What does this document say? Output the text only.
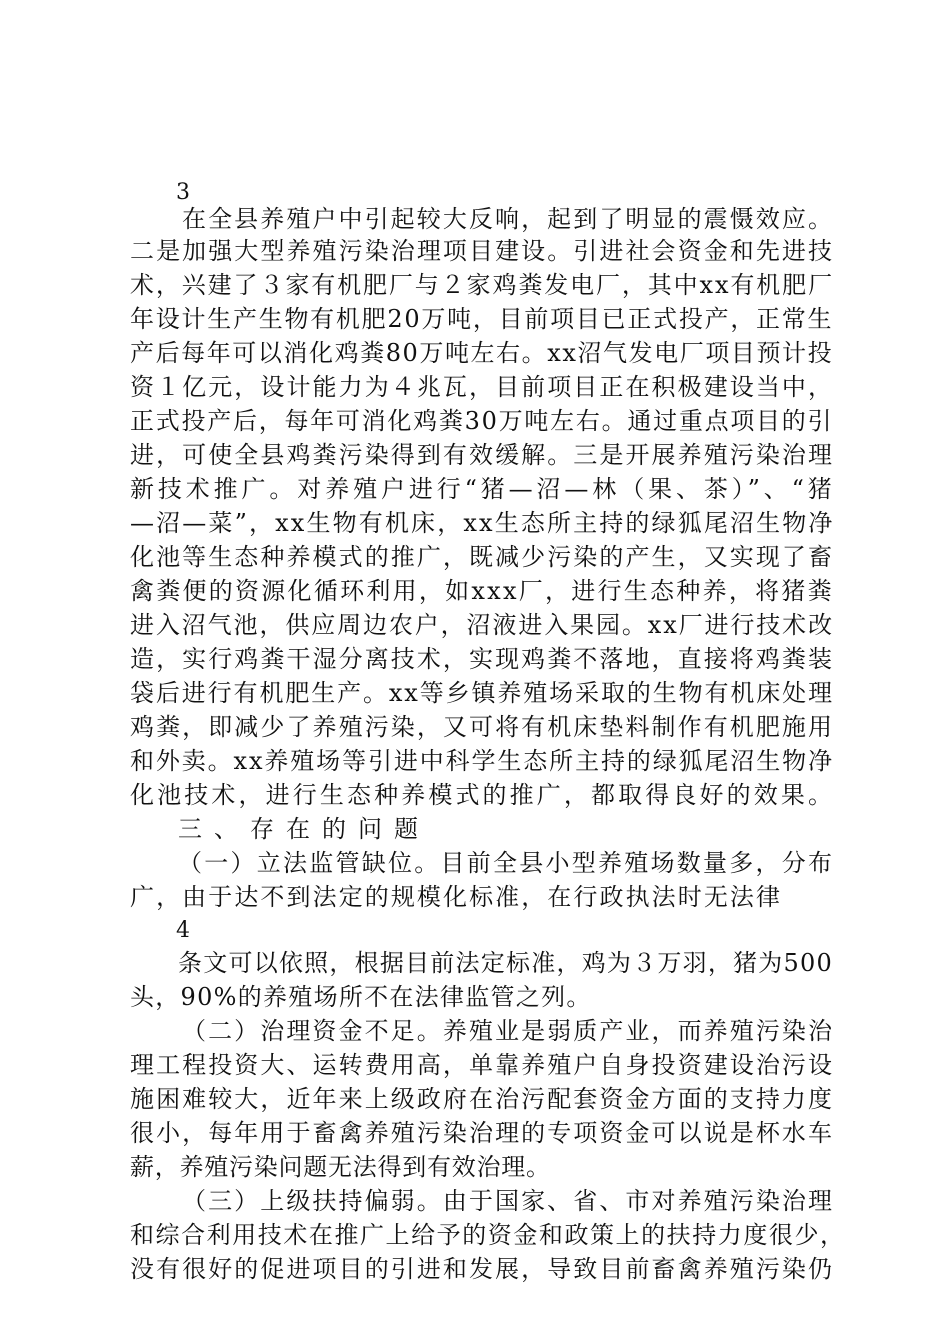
3

在全县养殖户中引起较大反响，起到了明显的震慑效应。

二是加强大型养殖污染治理项目建设。引进社会资金和先进技

术，兴建了３家有机肥厂与２家鸡粪发电厂，其中xx有机肥厂

年设计生产生物有机肥20万吨，目前项目已正式投产，正常生

产后每年可以消化鸡粪80万吨左右。xx沼气发电厂项目预计投

资１亿元，设计能力为４兆瓦，目前项目正在积极建设当中，

正式投产后，每年可消化鸡粪30万吨左右。通过重点项目的引

进，可使全县鸡粪污染得到有效缓解。三是开展养殖污染治理

新技术推广。对养殖户进行“猪—沼—林（果、茶）”、“猪

—沼—菜”，xx生物有机床，xx生态所主持的绿狐尾沼生物净

化池等生态种养模式的推广，既减少污染的产生，又实现了畜

禽粪便的资源化循环利用，如xxx厂，进行生态种养，将猪粪

进入沼气池，供应周边农户，沼液进入果园。xx厂进行技术改

造，实行鸡粪干湿分离技术，实现鸡粪不落地，直接将鸡粪装

袋后进行有机肥生产。xx等乡镇养殖场采取的生物有机床处理

鸡粪，即减少了养殖污染，又可将有机床垫料制作有机肥施用

和外卖。xx养殖场等引进中科学生态所主持的绿狐尾沼生物净

化池技术，进行生态种养模式的推广，都取得良好的效果。

三、存在的问题

（一）立法监管缺位。目前全县小型养殖场数量多，分布

广，由于达不到法定的规模化标准，在行政执法时无法律

4

条文可以依照，根据目前法定标准，鸡为３万羽，猪为500

头，90%的养殖场所不在法律监管之列。

（二）治理资金不足。养殖业是弱质产业，而养殖污染治

理工程投资大、运转费用高，单靠养殖户自身投资建设治污设

施困难较大，近年来上级政府在治污配套资金方面的支持力度

很小，每年用于畜禽养殖污染治理的专项资金可以说是杯水车

薪，养殖污染问题无法得到有效治理。

（三）上级扶持偏弱。由于国家、省、市对养殖污染治理

和综合利用技术在推广上给予的资金和政策上的扶持力度很少，

没有很好的促进项目的引进和发展，导致目前畜禽养殖污染仍
